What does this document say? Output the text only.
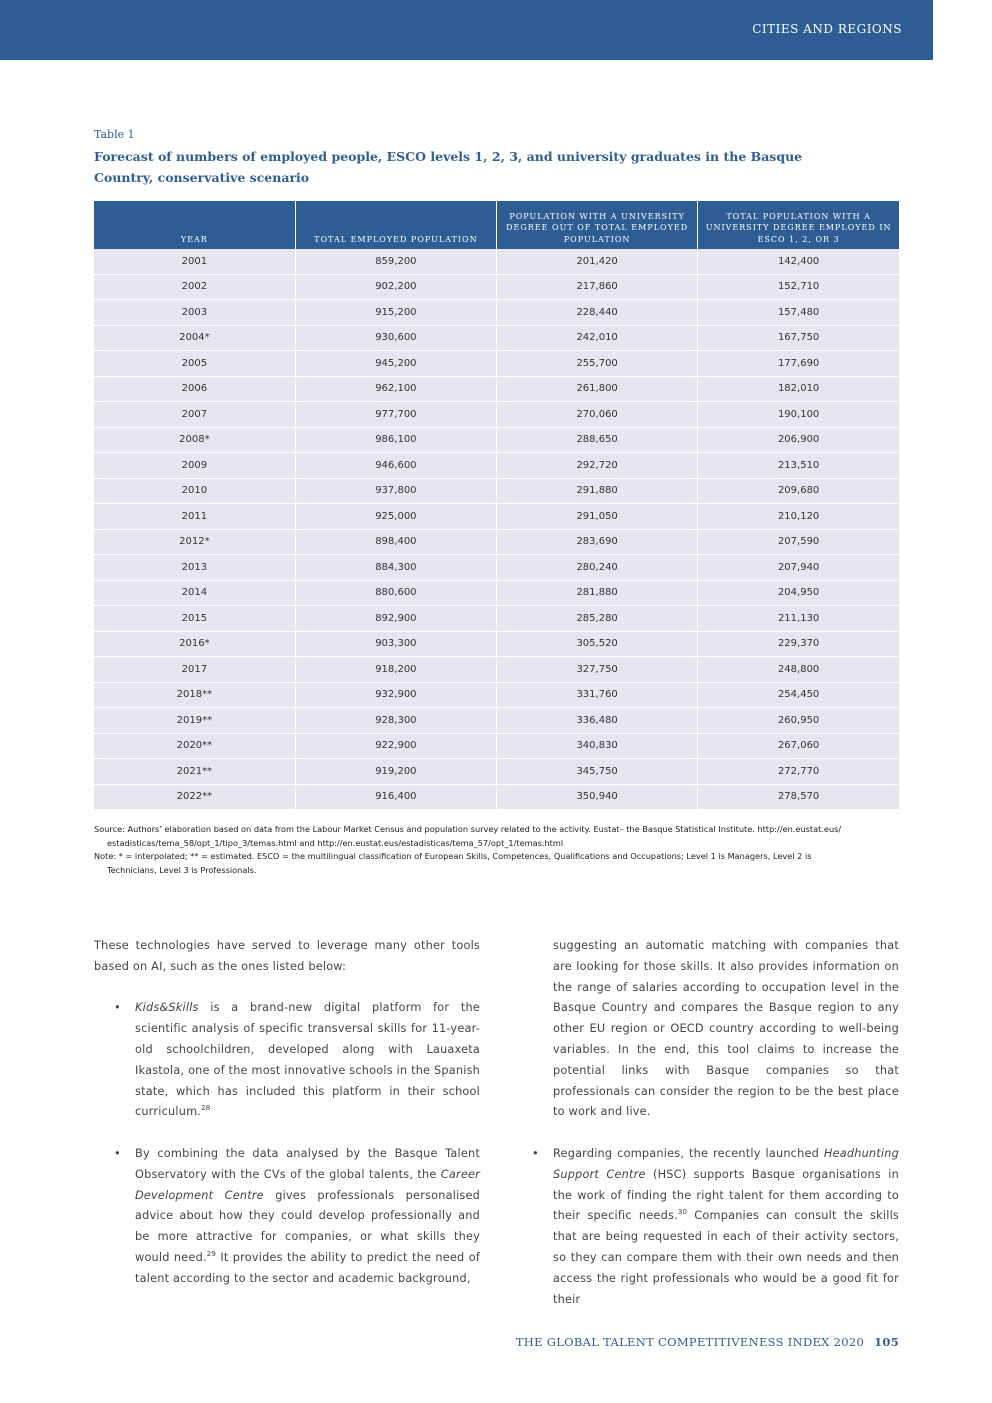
CITIES AND REGIONS
Table 1
Forecast of numbers of employed people, ESCO levels 1, 2, 3, and university graduates in the Basque Country, conservative scenario
YEAR	TOTAL EMPLOYED POPULATION	POPULATION WITH A UNIVERSITY DEGREE OUT OF TOTAL EMPLOYED POPULATION	TOTAL POPULATION WITH A UNIVERSITY DEGREE EMPLOYED IN ESCO 1, 2, OR 3
2001	859,200	201,420	142,400
2002	902,200	217,860	152,710
2003	915,200	228,440	157,480
2004*	930,600	242,010	167,750
2005	945,200	255,700	177,690
2006	962,100	261,800	182,010
2007	977,700	270,060	190,100
2008*	986,100	288,650	206,900
2009	946,600	292,720	213,510
2010	937,800	291,880	209,680
2011	925,000	291,050	210,120
2012*	898,400	283,690	207,590
2013	884,300	280,240	207,940
2014	880,600	281,880	204,950
2015	892,900	285,280	211,130
2016*	903,300	305,520	229,370
2017	918,200	327,750	248,800
2018**	932,900	331,760	254,450
2019**	928,300	336,480	260,950
2020**	922,900	340,830	267,060
2021**	919,200	345,750	272,770
2022**	916,400	350,940	278,570
Source: Authors’ elaboration based on data from the Labour Market Census and population survey related to the activity. Eustat– the Basque Statistical Institute. http://en.eustat.eus/
estadisticas/tema_58/opt_1/tipo_3/temas.html and http://en.eustat.eus/estadisticas/tema_57/opt_1/temas.html
Note: * = interpolated; ** = estimated. ESCO = the multilingual classification of European Skills, Competences, Qualifications and Occupations; Level 1 is Managers, Level 2 is
Technicians, Level 3 is Professionals.

These technologies have served to leverage many other tools based on AI, such as the ones listed below:

• Kids&Skills is a brand-new digital platform for the scientific analysis of specific transversal skills for 11-year-old schoolchildren, developed along with Lauaxeta Ikastola, one of the most innovative schools in the Spanish state, which has included this platform in their school curriculum.$^{28}$

• By combining the data analysed by the Basque Talent Observatory with the CVs of the global talents, the Career Development Centre gives professionals personalised advice about how they could develop professionally and be more attractive for companies, or what skills they would need.$^{29}$ It provides the ability to predict the need of talent according to the sector and academic background,

suggesting an automatic matching with companies that are looking for those skills. It also provides information on the range of salaries according to occupation level in the Basque Country and compares the Basque region to any other EU region or OECD country according to well-being variables. In the end, this tool claims to increase the potential links with Basque companies so that professionals can consider the region to be the best place to work and live.

• Regarding companies, the recently launched Headhunting Support Centre (HSC) supports Basque organisations in the work of finding the right talent for them according to their specific needs.$^{30}$ Companies can consult the skills that are being requested in each of their activity sectors, so they can compare them with their own needs and then access the right professionals who would be a good fit for their

THE GLOBAL TALENT COMPETITIVENESS INDEX 2020 105
